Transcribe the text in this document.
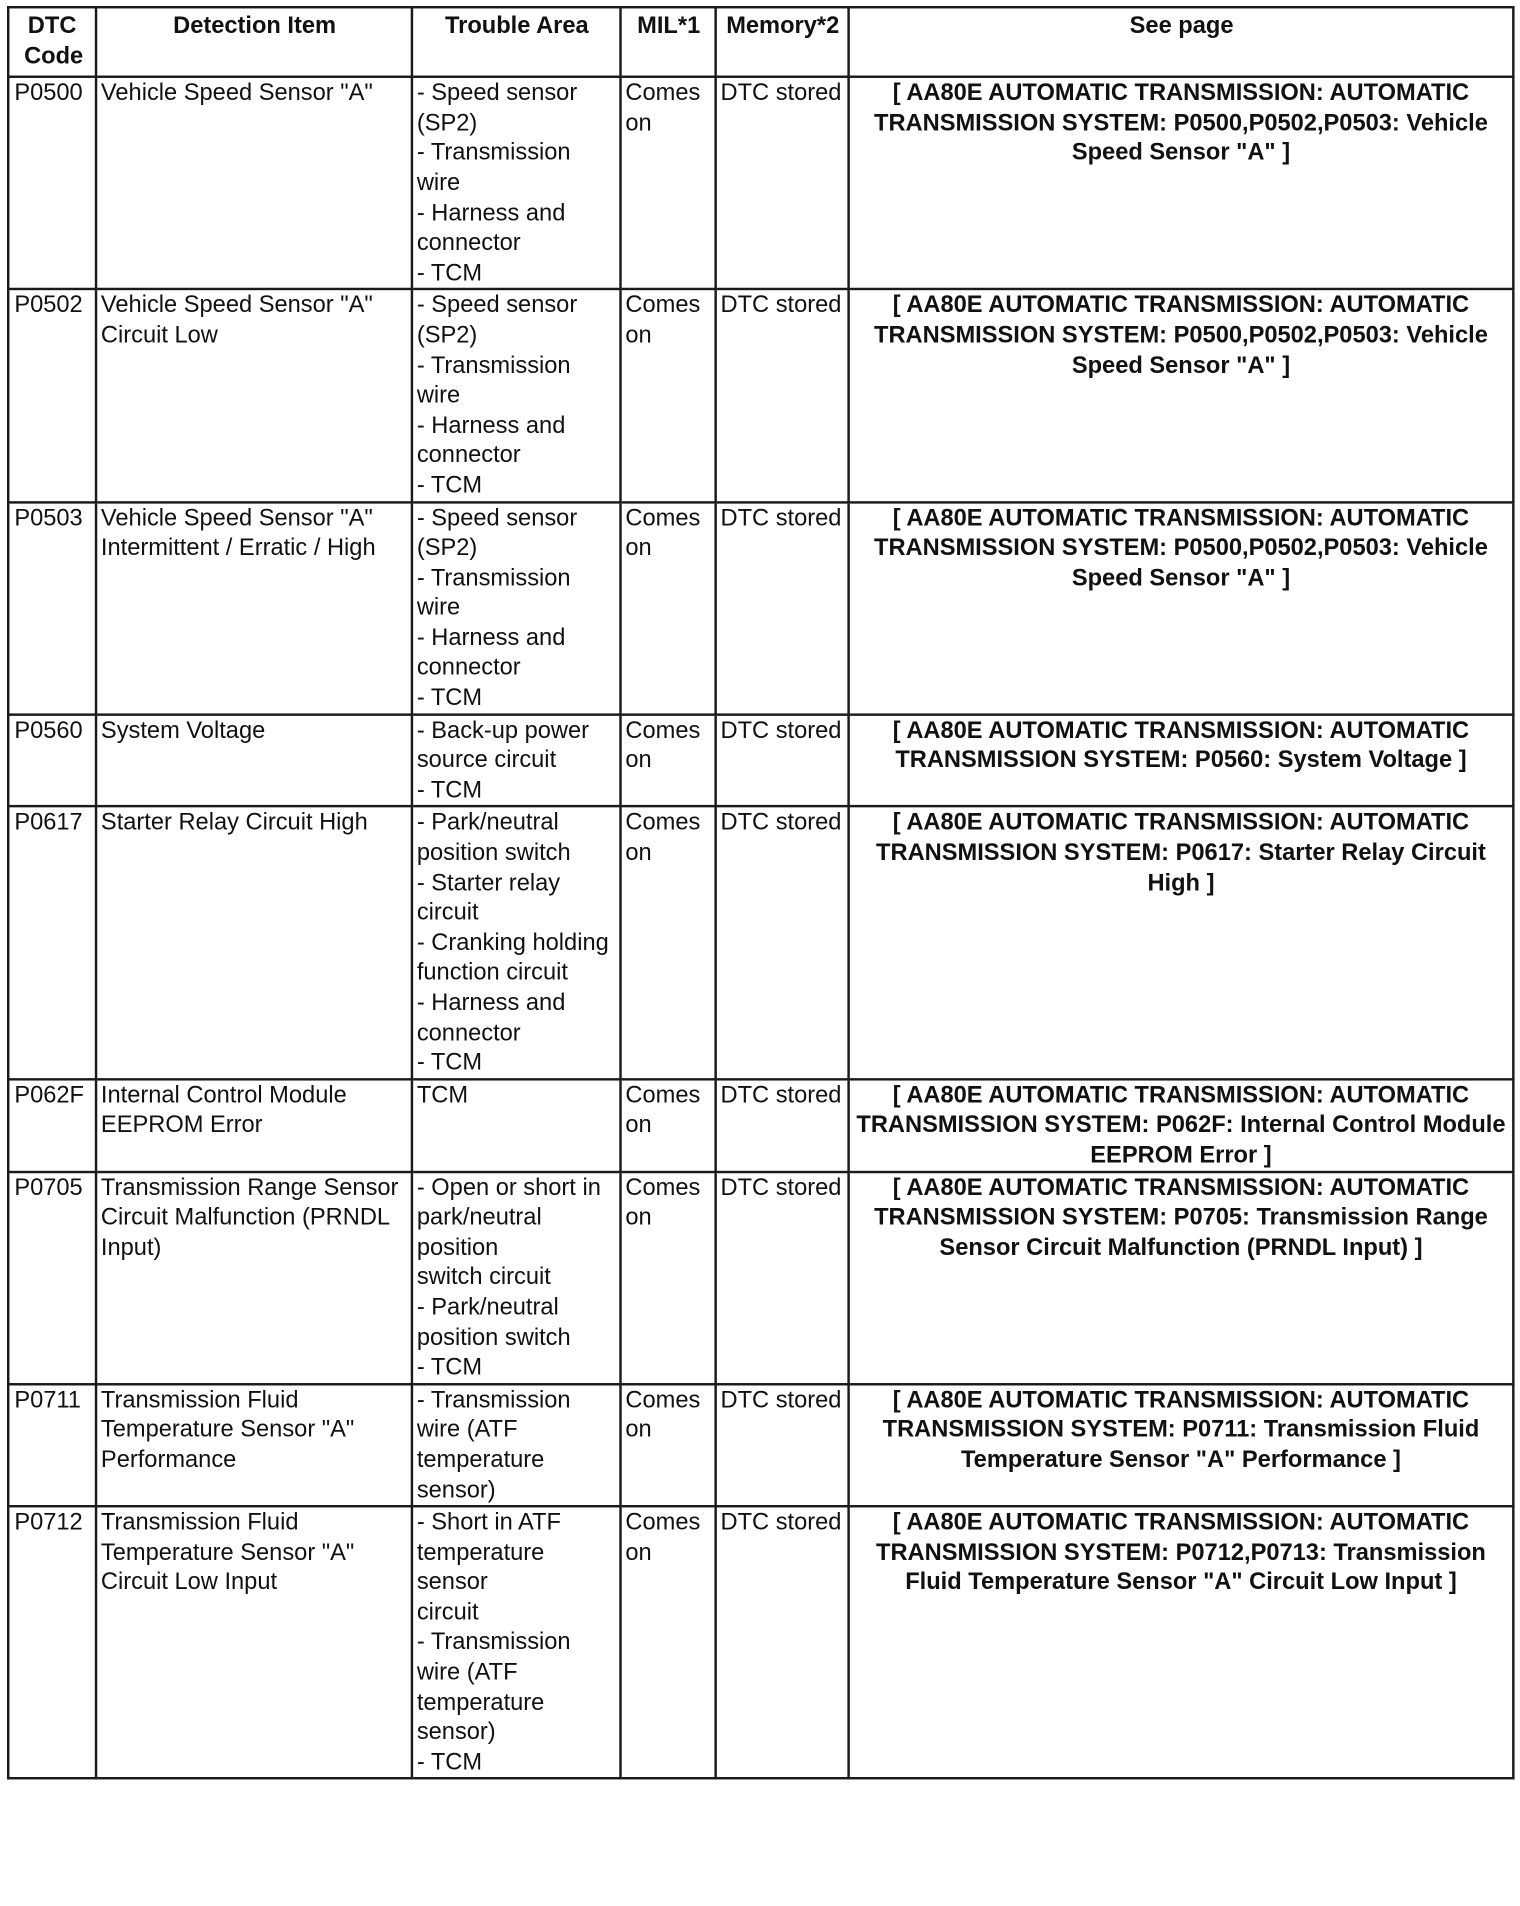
DTC Code	Detection Item	Trouble Area	MIL*1	Memory*2	See page
P0500	Vehicle Speed Sensor "A"	- Speed sensor (SP2)
- Transmission wire
- Harness and connector
- TCM	Comes on	DTC stored	[ AA80E AUTOMATIC TRANSMISSION: AUTOMATIC TRANSMISSION SYSTEM: P0500,P0502,P0503: Vehicle Speed Sensor "A" ]
P0502	Vehicle Speed Sensor "A" Circuit Low	- Speed sensor (SP2)
- Transmission wire
- Harness and connector
- TCM	Comes on	DTC stored	[ AA80E AUTOMATIC TRANSMISSION: AUTOMATIC TRANSMISSION SYSTEM: P0500,P0502,P0503: Vehicle Speed Sensor "A" ]
P0503	Vehicle Speed Sensor "A" Intermittent / Erratic / High	- Speed sensor (SP2)
- Transmission wire
- Harness and connector
- TCM	Comes on	DTC stored	[ AA80E AUTOMATIC TRANSMISSION: AUTOMATIC TRANSMISSION SYSTEM: P0500,P0502,P0503: Vehicle Speed Sensor "A" ]
P0560	System Voltage	- Back-up power source circuit
- TCM	Comes on	DTC stored	[ AA80E AUTOMATIC TRANSMISSION: AUTOMATIC TRANSMISSION SYSTEM: P0560: System Voltage ]
P0617	Starter Relay Circuit High	- Park/neutral position switch
- Starter relay circuit
- Cranking holding function circuit
- Harness and connector
- TCM	Comes on	DTC stored	[ AA80E AUTOMATIC TRANSMISSION: AUTOMATIC TRANSMISSION SYSTEM: P0617: Starter Relay Circuit High ]
P062F	Internal Control Module EEPROM Error	TCM	Comes on	DTC stored	[ AA80E AUTOMATIC TRANSMISSION: AUTOMATIC TRANSMISSION SYSTEM: P062F: Internal Control Module EEPROM Error ]
P0705	Transmission Range Sensor Circuit Malfunction (PRNDL Input)	- Open or short in park/neutral position
switch circuit
- Park/neutral position switch
- TCM	Comes on	DTC stored	[ AA80E AUTOMATIC TRANSMISSION: AUTOMATIC TRANSMISSION SYSTEM: P0705: Transmission Range Sensor Circuit Malfunction (PRNDL Input) ]
P0711	Transmission Fluid Temperature Sensor "A" Performance	- Transmission wire (ATF temperature sensor)	Comes on	DTC stored	[ AA80E AUTOMATIC TRANSMISSION: AUTOMATIC TRANSMISSION SYSTEM: P0711: Transmission Fluid Temperature Sensor "A" Performance ]
P0712	Transmission Fluid Temperature Sensor "A" Circuit Low Input	- Short in ATF temperature sensor
circuit
- Transmission wire (ATF temperature sensor)
- TCM	Comes on	DTC stored	[ AA80E AUTOMATIC TRANSMISSION: AUTOMATIC TRANSMISSION SYSTEM: P0712,P0713: Transmission Fluid Temperature Sensor "A" Circuit Low Input ]
